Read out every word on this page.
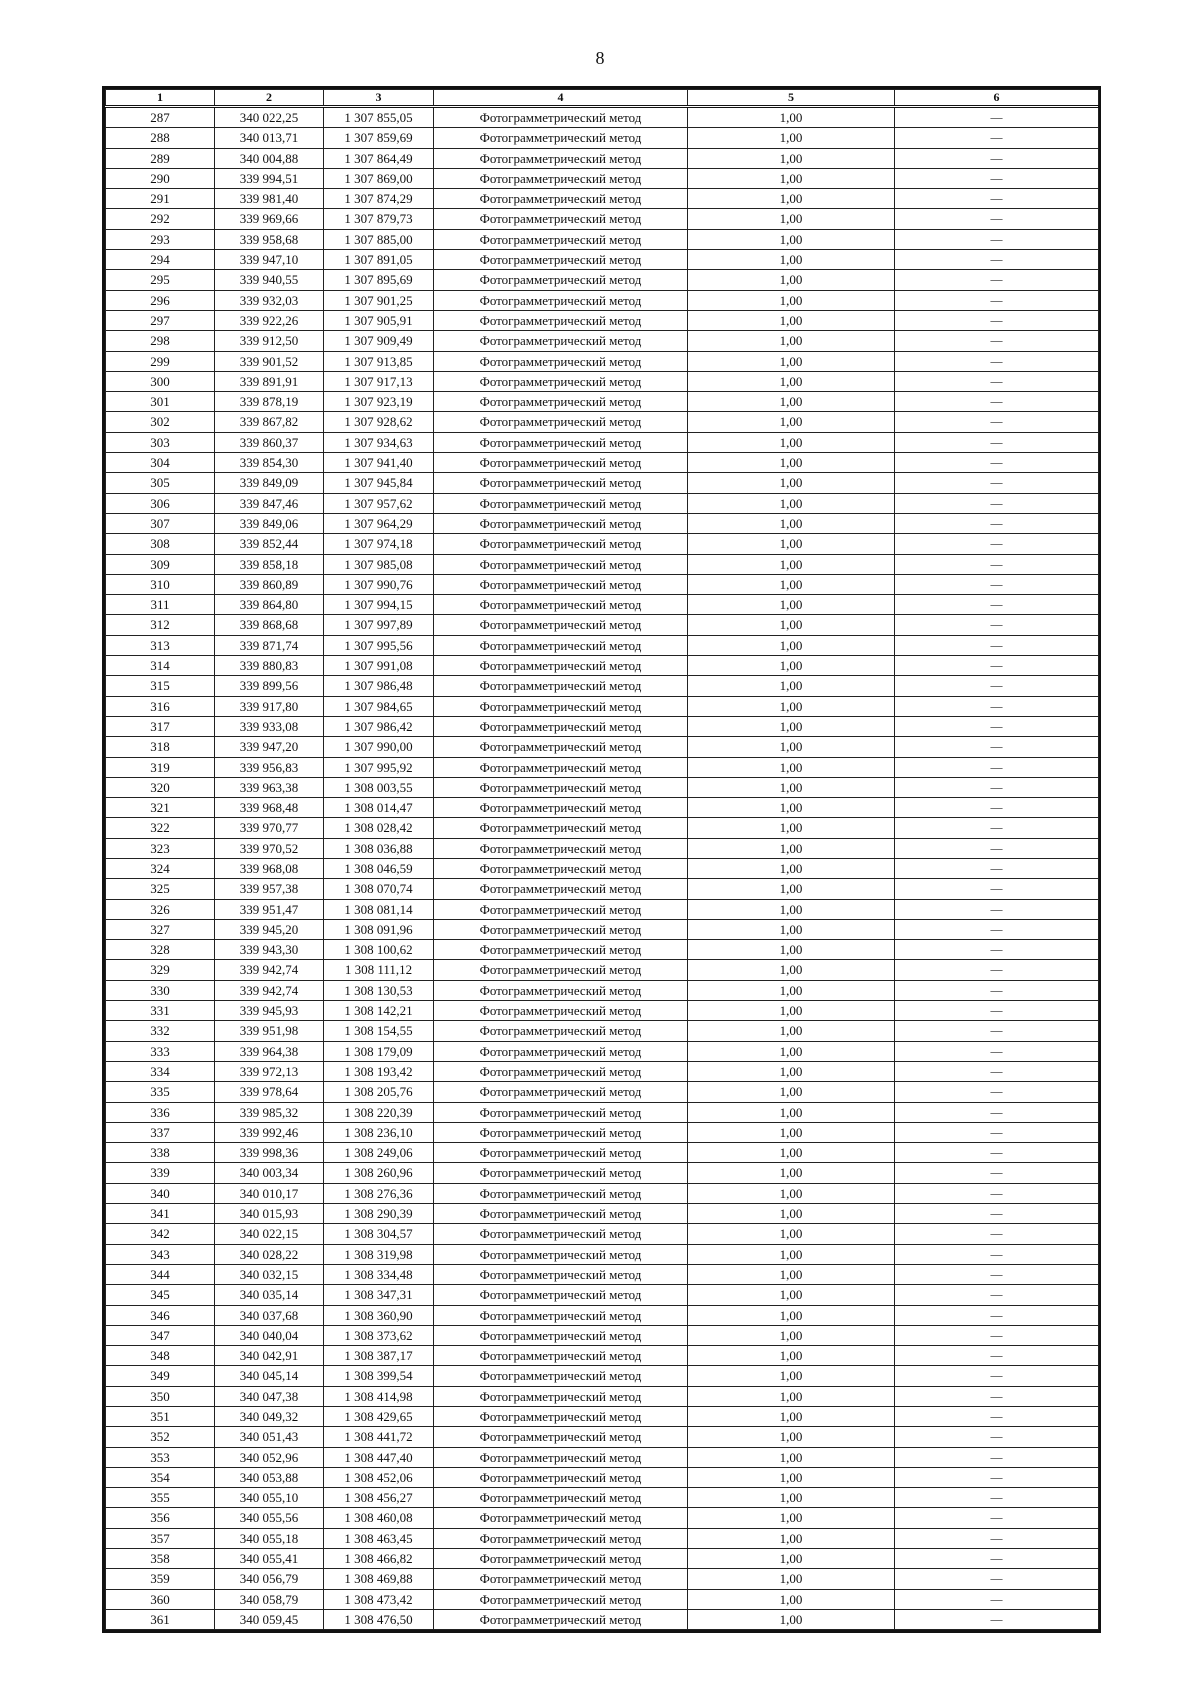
8
1	2	3	4	5	6
287	340 022,25	1 307 855,05	Фотограмметрический метод	1,00	—
288	340 013,71	1 307 859,69	Фотограмметрический метод	1,00	—
289	340 004,88	1 307 864,49	Фотограмметрический метод	1,00	—
290	339 994,51	1 307 869,00	Фотограмметрический метод	1,00	—
291	339 981,40	1 307 874,29	Фотограмметрический метод	1,00	—
292	339 969,66	1 307 879,73	Фотограмметрический метод	1,00	—
293	339 958,68	1 307 885,00	Фотограмметрический метод	1,00	—
294	339 947,10	1 307 891,05	Фотограмметрический метод	1,00	—
295	339 940,55	1 307 895,69	Фотограмметрический метод	1,00	—
296	339 932,03	1 307 901,25	Фотограмметрический метод	1,00	—
297	339 922,26	1 307 905,91	Фотограмметрический метод	1,00	—
298	339 912,50	1 307 909,49	Фотограмметрический метод	1,00	—
299	339 901,52	1 307 913,85	Фотограмметрический метод	1,00	—
300	339 891,91	1 307 917,13	Фотограмметрический метод	1,00	—
301	339 878,19	1 307 923,19	Фотограмметрический метод	1,00	—
302	339 867,82	1 307 928,62	Фотограмметрический метод	1,00	—
303	339 860,37	1 307 934,63	Фотограмметрический метод	1,00	—
304	339 854,30	1 307 941,40	Фотограмметрический метод	1,00	—
305	339 849,09	1 307 945,84	Фотограмметрический метод	1,00	—
306	339 847,46	1 307 957,62	Фотограмметрический метод	1,00	—
307	339 849,06	1 307 964,29	Фотограмметрический метод	1,00	—
308	339 852,44	1 307 974,18	Фотограмметрический метод	1,00	—
309	339 858,18	1 307 985,08	Фотограмметрический метод	1,00	—
310	339 860,89	1 307 990,76	Фотограмметрический метод	1,00	—
311	339 864,80	1 307 994,15	Фотограмметрический метод	1,00	—
312	339 868,68	1 307 997,89	Фотограмметрический метод	1,00	—
313	339 871,74	1 307 995,56	Фотограмметрический метод	1,00	—
314	339 880,83	1 307 991,08	Фотограмметрический метод	1,00	—
315	339 899,56	1 307 986,48	Фотограмметрический метод	1,00	—
316	339 917,80	1 307 984,65	Фотограмметрический метод	1,00	—
317	339 933,08	1 307 986,42	Фотограмметрический метод	1,00	—
318	339 947,20	1 307 990,00	Фотограмметрический метод	1,00	—
319	339 956,83	1 307 995,92	Фотограмметрический метод	1,00	—
320	339 963,38	1 308 003,55	Фотограмметрический метод	1,00	—
321	339 968,48	1 308 014,47	Фотограмметрический метод	1,00	—
322	339 970,77	1 308 028,42	Фотограмметрический метод	1,00	—
323	339 970,52	1 308 036,88	Фотограмметрический метод	1,00	—
324	339 968,08	1 308 046,59	Фотограмметрический метод	1,00	—
325	339 957,38	1 308 070,74	Фотограмметрический метод	1,00	—
326	339 951,47	1 308 081,14	Фотограмметрический метод	1,00	—
327	339 945,20	1 308 091,96	Фотограмметрический метод	1,00	—
328	339 943,30	1 308 100,62	Фотограмметрический метод	1,00	—
329	339 942,74	1 308 111,12	Фотограмметрический метод	1,00	—
330	339 942,74	1 308 130,53	Фотограмметрический метод	1,00	—
331	339 945,93	1 308 142,21	Фотограмметрический метод	1,00	—
332	339 951,98	1 308 154,55	Фотограмметрический метод	1,00	—
333	339 964,38	1 308 179,09	Фотограмметрический метод	1,00	—
334	339 972,13	1 308 193,42	Фотограмметрический метод	1,00	—
335	339 978,64	1 308 205,76	Фотограмметрический метод	1,00	—
336	339 985,32	1 308 220,39	Фотограмметрический метод	1,00	—
337	339 992,46	1 308 236,10	Фотограмметрический метод	1,00	—
338	339 998,36	1 308 249,06	Фотограмметрический метод	1,00	—
339	340 003,34	1 308 260,96	Фотограмметрический метод	1,00	—
340	340 010,17	1 308 276,36	Фотограмметрический метод	1,00	—
341	340 015,93	1 308 290,39	Фотограмметрический метод	1,00	—
342	340 022,15	1 308 304,57	Фотограмметрический метод	1,00	—
343	340 028,22	1 308 319,98	Фотограмметрический метод	1,00	—
344	340 032,15	1 308 334,48	Фотограмметрический метод	1,00	—
345	340 035,14	1 308 347,31	Фотограмметрический метод	1,00	—
346	340 037,68	1 308 360,90	Фотограмметрический метод	1,00	—
347	340 040,04	1 308 373,62	Фотограмметрический метод	1,00	—
348	340 042,91	1 308 387,17	Фотограмметрический метод	1,00	—
349	340 045,14	1 308 399,54	Фотограмметрический метод	1,00	—
350	340 047,38	1 308 414,98	Фотограмметрический метод	1,00	—
351	340 049,32	1 308 429,65	Фотограмметрический метод	1,00	—
352	340 051,43	1 308 441,72	Фотограмметрический метод	1,00	—
353	340 052,96	1 308 447,40	Фотограмметрический метод	1,00	—
354	340 053,88	1 308 452,06	Фотограмметрический метод	1,00	—
355	340 055,10	1 308 456,27	Фотограмметрический метод	1,00	—
356	340 055,56	1 308 460,08	Фотограмметрический метод	1,00	—
357	340 055,18	1 308 463,45	Фотограмметрический метод	1,00	—
358	340 055,41	1 308 466,82	Фотограмметрический метод	1,00	—
359	340 056,79	1 308 469,88	Фотограмметрический метод	1,00	—
360	340 058,79	1 308 473,42	Фотограмметрический метод	1,00	—
361	340 059,45	1 308 476,50	Фотограмметрический метод	1,00	—
